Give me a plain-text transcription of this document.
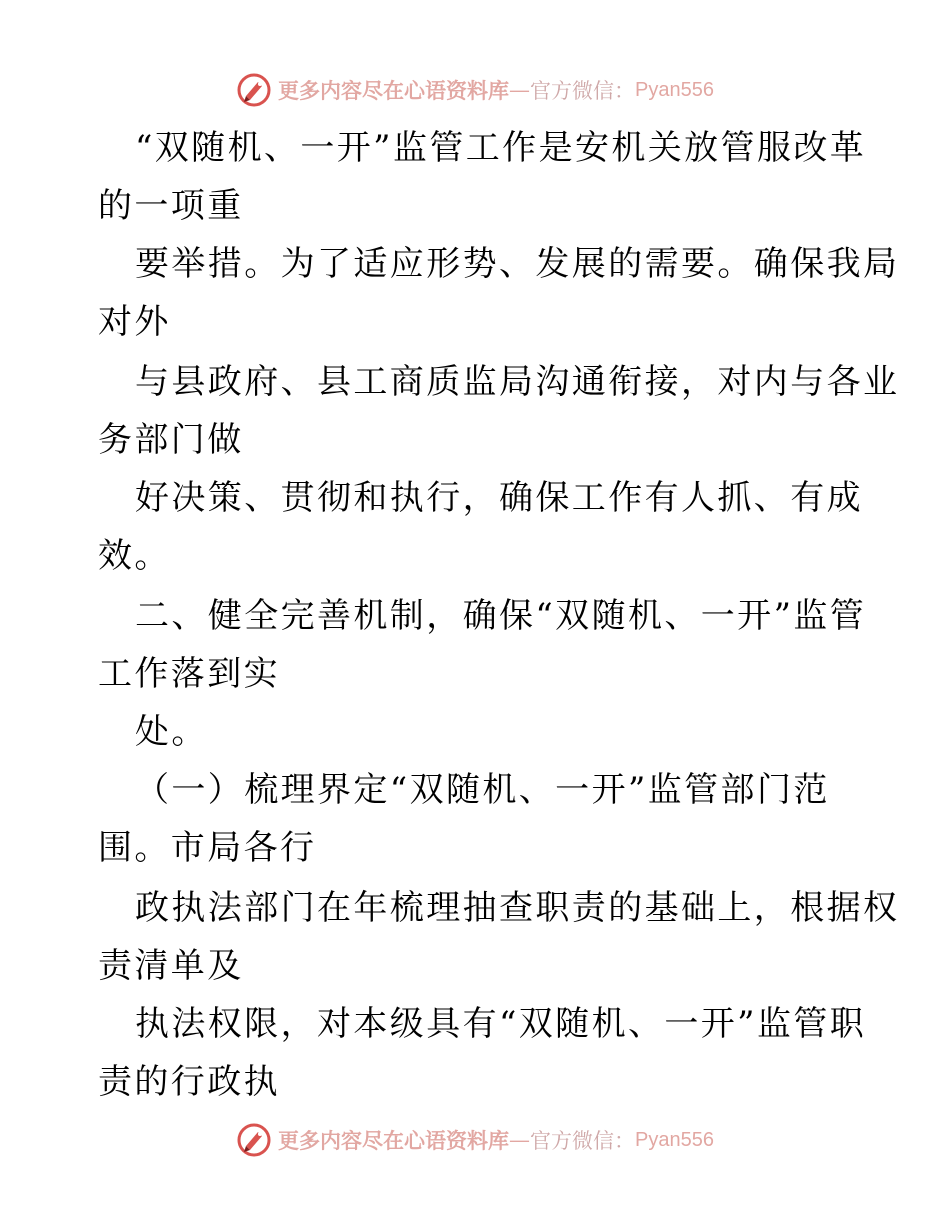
更多内容尽在心语资料库 — 官方微信： Pyan556
“双随机、一开”监管工作是安机关放管服改革
的一项重
要举措。为了适应形势、发展的需要。确保我局
对外
与县政府、县工商质监局沟通衔接，对内与各业
务部门做
好决策、贯彻和执行，确保工作有人抓、有成
效。
二、健全完善机制，确保“双随机、一开”监管
工作落到实
处。
（一）梳理界定“双随机、一开”监管部门范
围。市局各行
政执法部门在年梳理抽查职责的基础上，根据权
责清单及
执法权限，对本级具有“双随机、一开”监管职
责的行政执
更多内容尽在心语资料库 — 官方微信： Pyan556
